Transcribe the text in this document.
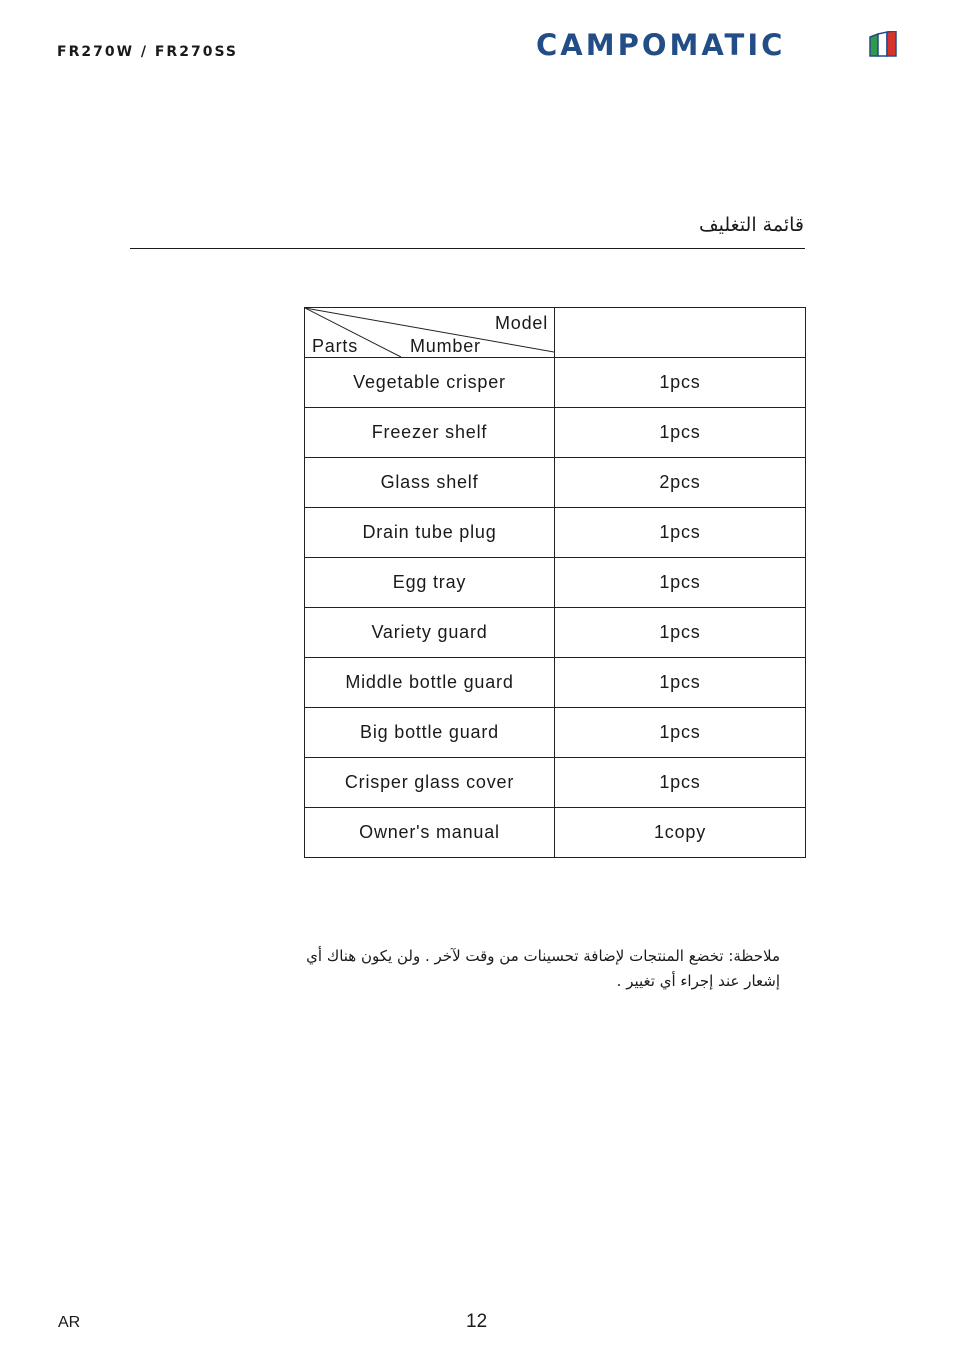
FR270W / FR270SS	CAMPOMATIC
قائمة التغليف
Model
Parts Mumber	

Vegetable crisper	1pcs
Freezer shelf	1pcs
Glass shelf	2pcs
Drain tube plug	1pcs
Egg tray	1pcs
Variety guard	1pcs
Middle bottle guard	1pcs
Big bottle guard	1pcs
Crisper glass cover	1pcs
Owner's manual	1copy
ملاحظة: تخضع المنتجات لإضافة تحسينات من وقت لآخر . ولن يكون هناك أي
إشعار عند إجراء أي تغيير .
AR	12
